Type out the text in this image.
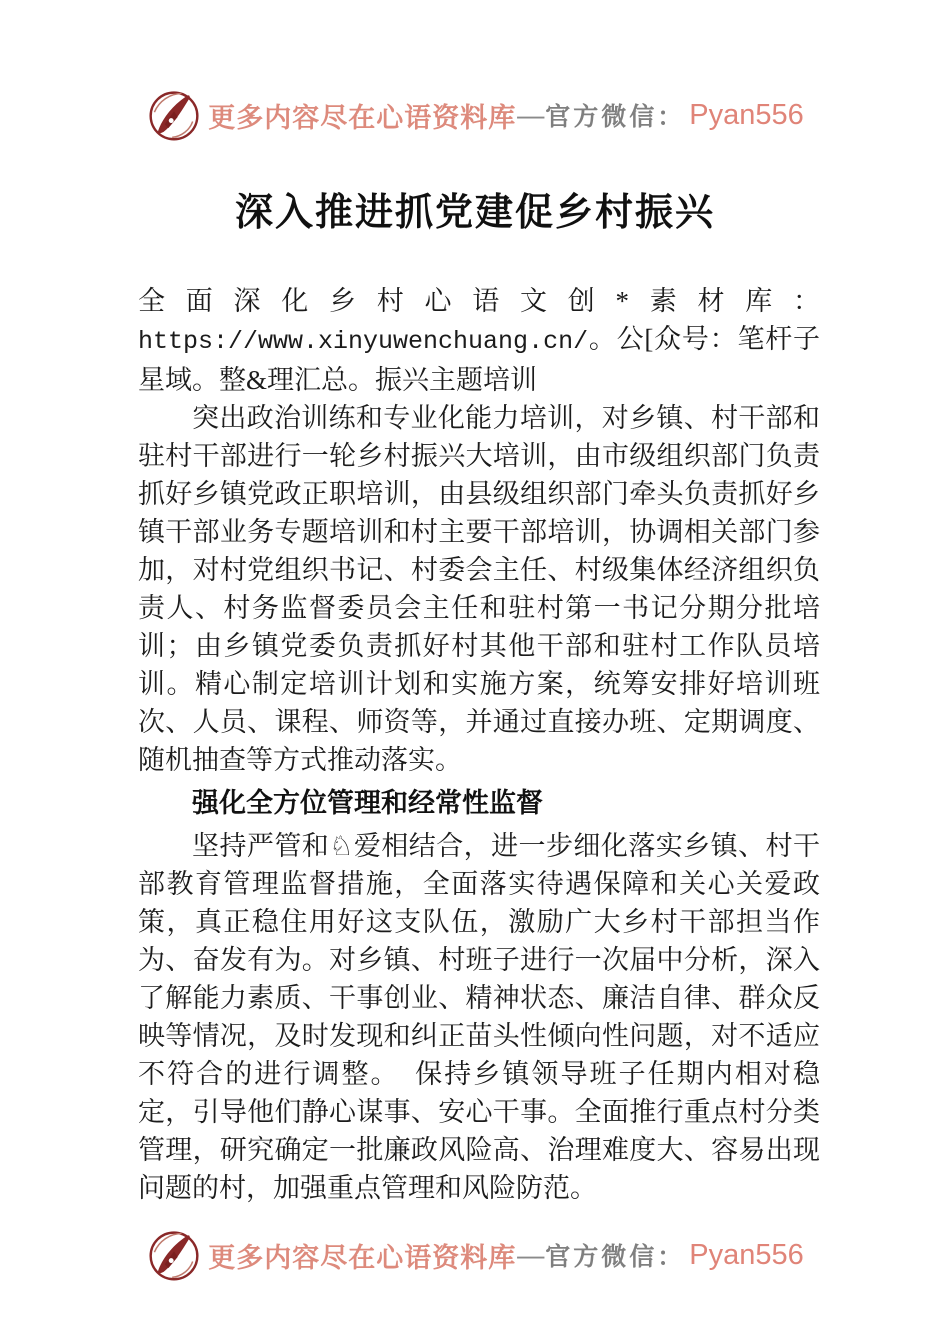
更多内容尽在心语资料库 — 官方微信： Pyan556
深入推进抓党建促乡村振兴

全面深化乡村心语文创*素材库：https://www.xinyuwenchuang.cn/。公[众号：笔杆子星域。整&理汇总。振兴主题培训

突出政治训练和专业化能力培训，对乡镇、村干部和驻村干部进行一轮乡村振兴大培训，由市级组织部门负责抓好乡镇党政正职培训，由县级组织部门牵头负责抓好乡镇干部业务专题培训和村主要干部培训，协调相关部门参加，对村党组织书记、村委会主任、村级集体经济组织负责人、村务监督委员会主任和驻村第一书记分期分批培训；由乡镇党委负责抓好村其他干部和驻村工作队员培训。精心制定培训计划和实施方案，统筹安排好培训班次、人员、课程、师资等，并通过直接办班、定期调度、随机抽查等方式推动落实。

强化全方位管理和经常性监督

坚持严管和♘爱相结合，进一步细化落实乡镇、村干部教育管理监督措施，全面落实待遇保障和关心关爱政策，真正稳住用好这支队伍，激励广大乡村干部担当作为、奋发有为。对乡镇、村班子进行一次届中分析，深入了解能力素质、干事创业、精神状态、廉洁自律、群众反映等情况，及时发现和纠正苗头性倾向性问题，对不适应不符合的进行调整。　保持乡镇领导班子任期内相对稳定，引导他们静心谋事、安心干事。全面推行重点村分类管理，研究确定一批廉政风险高、治理难度大、容易出现问题的村，加强重点管理和风险防范。

更多内容尽在心语资料库 — 官方微信： Pyan556
